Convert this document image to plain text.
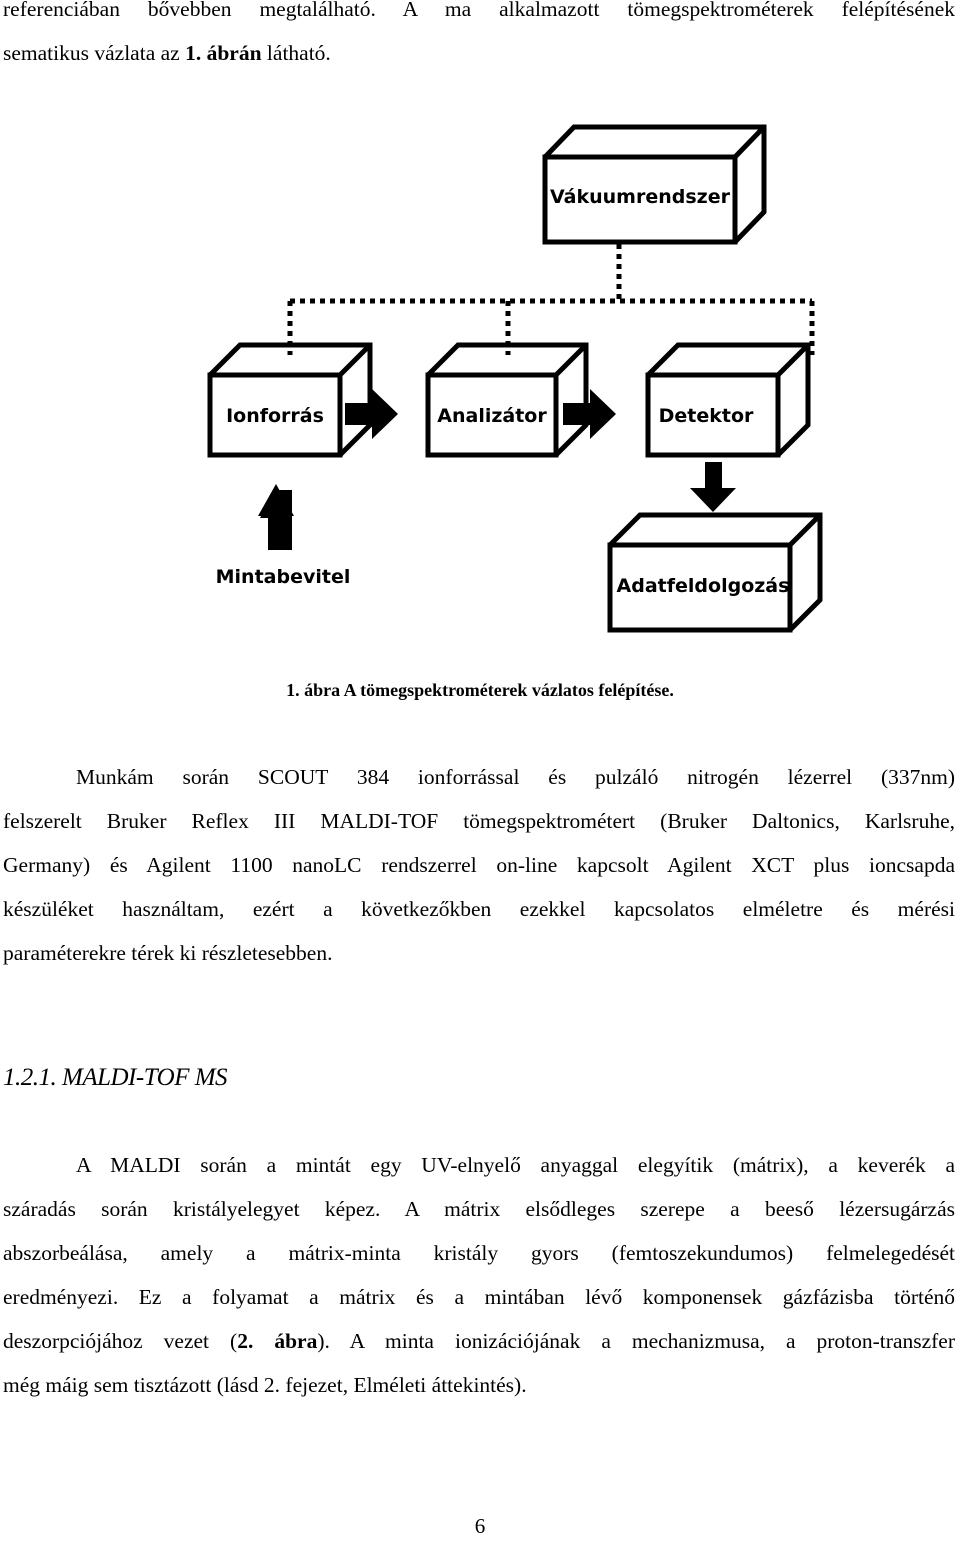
referenciában bővebben megtalálható. A ma alkalmazott tömegspektrométerek felépítésének
sematikus vázlata az 1. ábrán látható.
Vákuumrendszer
Ionforrás	Analizátor	Detektor
Adatfeldolgozás
Mintabevitel
1. ábra A tömegspektrométerek vázlatos felépítése.
Munkám során SCOUT 384 ionforrással és pulzáló nitrogén lézerrel (337nm)
felszerelt Bruker Reflex III MALDI-TOF tömegspektrométert (Bruker Daltonics, Karlsruhe,
Germany) és Agilent 1100 nanoLC rendszerrel on-line kapcsolt Agilent XCT plus ioncsapda
készüléket használtam, ezért a következőkben ezekkel kapcsolatos elméletre és mérési
paraméterekre térek ki részletesebben.
1.2.1. MALDI-TOF MS
A MALDI során a mintát egy UV-elnyelő anyaggal elegyítik (mátrix), a keverék a
száradás során kristályelegyet képez. A mátrix elsődleges szerepe a beeső lézersugárzás
abszorbeálása, amely a mátrix-minta kristály gyors (femtoszekundumos) felmelegedését
eredményezi. Ez a folyamat a mátrix és a mintában lévő komponensek gázfázisba történő
deszorpciójához vezet (2. ábra). A minta ionizációjának a mechanizmusa, a proton-transzfer
még máig sem tisztázott (lásd 2. fejezet, Elméleti áttekintés).
6
